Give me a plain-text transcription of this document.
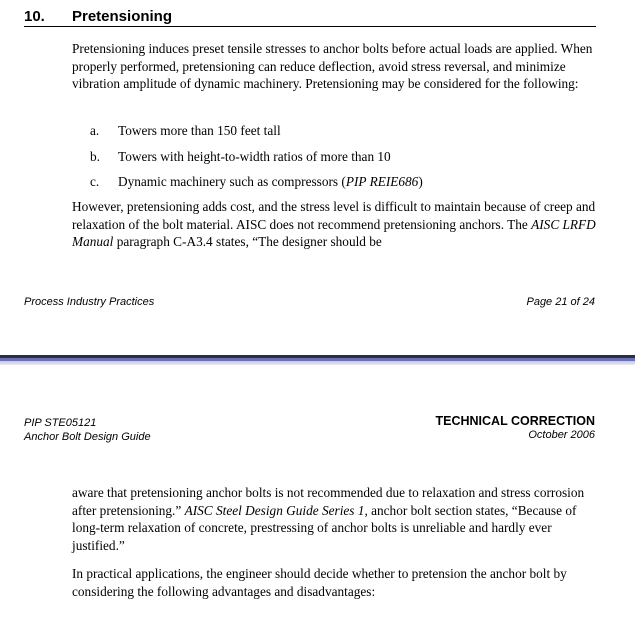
10. Pretensioning

Pretensioning induces preset tensile stresses to anchor bolts before actual loads are applied. When properly performed, pretensioning can reduce deflection, avoid stress reversal, and minimize vibration amplitude of dynamic machinery. Pretensioning may be considered for the following:

a. Towers more than 150 feet tall
b. Towers with height-to-width ratios of more than 10
c. Dynamic machinery such as compressors (PIP REIE686)

However, pretensioning adds cost, and the stress level is difficult to maintain because of creep and relaxation of the bolt material. AISC does not recommend pretensioning anchors. The AISC LRFD Manual paragraph C-A3.4 states, “The designer should be

Process Industry Practices	Page 21 of 24
PIP STE05121
Anchor Bolt Design Guide
TECHNICAL CORRECTION
October 2006

aware that pretensioning anchor bolts is not recommended due to relaxation and stress corrosion after pretensioning.” AISC Steel Design Guide Series 1, anchor bolt section states, “Because of long-term relaxation of concrete, prestressing of anchor bolts is unreliable and hardly ever justified.”

In practical applications, the engineer should decide whether to pretension the anchor bolt by considering the following advantages and disadvantages:
